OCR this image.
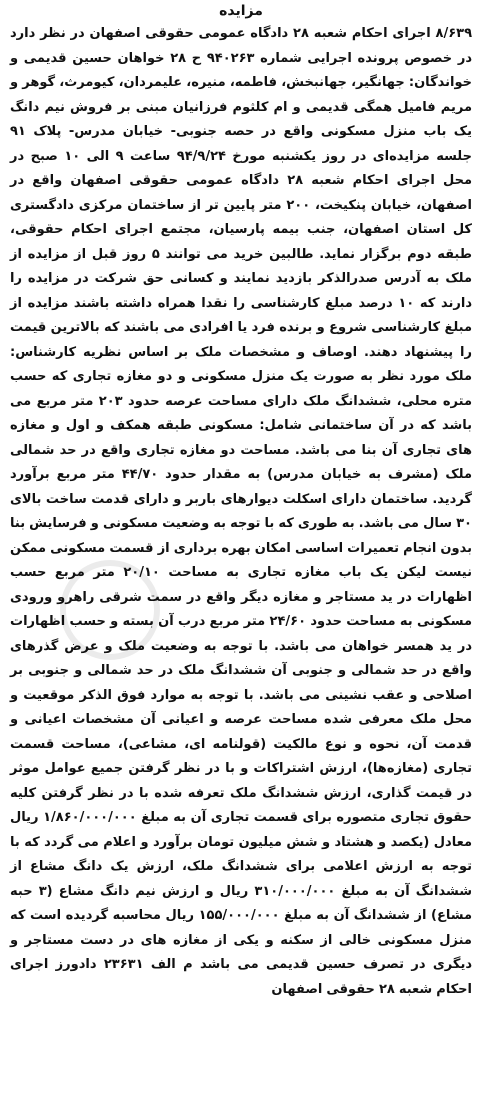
مزایده

۸/۶۳۹ اجرای احکام شعبه ۲۸ دادگاه عمومی حقوقی اصفهان در نظر دارد در خصوص پرونده اجرایی شماره ۹۴۰۲۶۳ ح ۲۸ خواهان حسین قدیمی و خواندگان: جهانگیر، جهانبخش، فاطمه، منیره، علیمردان، کیومرث، گوهر و مریم فامیل همگی قدیمی و ام کلثوم فرزانیان مبنی بر فروش نیم دانگ یک باب منزل مسکونی واقع در حصه جنوبی- خیابان مدرس- پلاک ۹۱ جلسه مزایده‌ای در روز یکشنبه مورخ ۹۴/۹/۲۴ ساعت ۹ الی ۱۰ صبح در محل اجرای احکام شعبه ۲۸ دادگاه عمومی حقوقی اصفهان واقع در اصفهان، خیابان پنکیخت، ۲۰۰ متر پایین تر از ساختمان مرکزی دادگستری کل استان اصفهان، جنب بیمه پارسیان، مجتمع اجرای احکام حقوقی، طبقه دوم برگزار نماید. طالبین خرید می توانند ۵ روز قبل از مزایده از ملک به آدرس صدرالذکر بازدید نمایند و کسانی حق شرکت در مزایده را دارند که ۱۰ درصد مبلغ کارشناسی را نقدا همراه داشته باشند مزایده از مبلغ کارشناسی شروع و برنده فرد یا افرادی می باشند که بالاترین قیمت را پیشنهاد دهند. اوصاف و مشخصات ملک بر اساس نظریه کارشناس: ملک مورد نظر به صورت یک منزل مسکونی و دو مغازه تجاری که حسب متره محلی، ششدانگ ملک دارای مساحت عرصه حدود ۲۰۳ متر مربع می باشد که در آن ساختمانی شامل: مسکونی طبقه همکف و اول و مغازه های تجاری آن بنا می باشد. مساحت دو مغازه تجاری واقع در حد شمالی ملک (مشرف به خیابان مدرس) به مقدار حدود ۴۴/۷۰ متر مربع برآورد گردید. ساختمان دارای اسکلت دیوارهای باربر و دارای قدمت ساخت بالای ۳۰ سال می باشد. به طوری که با توجه به وضعیت مسکونی و فرسایش بنا بدون انجام تعمیرات اساسی امکان بهره برداری از قسمت مسکونی ممکن نیست لیکن یک باب مغازه تجاری به مساحت ۲۰/۱۰ متر مربع حسب اظهارات در ید مستاجر و مغازه دیگر واقع در سمت شرقی راهرو ورودی مسکونی به مساحت حدود ۲۴/۶۰ متر مربع درب آن بسته و حسب اظهارات در ید همسر خواهان می باشد. با توجه به وضعیت ملک و عرض گذرهای واقع در حد شمالی و جنوبی آن ششدانگ ملک در حد شمالی و جنوبی بر اصلاحی و عقب نشینی می باشد. با توجه به موارد فوق الذکر موقعیت و محل ملک معرفی شده مساحت عرصه و اعیانی آن مشخصات اعیانی و قدمت آن، نحوه و نوع مالکیت (قولنامه ای، مشاعی)، مساحت قسمت تجاری (مغازه‌ها)، ارزش اشتراکات و با در نظر گرفتن جمیع عوامل موثر در قیمت گذاری، ارزش ششدانگ ملک تعرفه شده با در نظر گرفتن کلیه حقوق تجاری متصوره برای قسمت تجاری آن به مبلغ ۱/۸۶۰/۰۰۰/۰۰۰ ریال معادل (یکصد و هشتاد و شش میلیون تومان برآورد و اعلام می گردد که با توجه به ارزش اعلامی برای ششدانگ ملک، ارزش یک دانگ مشاع از ششدانگ آن به مبلغ ۳۱۰/۰۰۰/۰۰۰ ریال و ارزش نیم دانگ مشاع (۳ حبه مشاع) از ششدانگ آن به مبلغ ۱۵۵/۰۰۰/۰۰۰ ریال محاسبه گردیده است که منزل مسکونی خالی از سکنه و یکی از مغازه های در دست مستاجر و دیگری در تصرف حسین قدیمی می باشد م الف ۲۳۶۳۱ دادورز اجرای احکام شعبه ۲۸ حقوقی اصفهان
